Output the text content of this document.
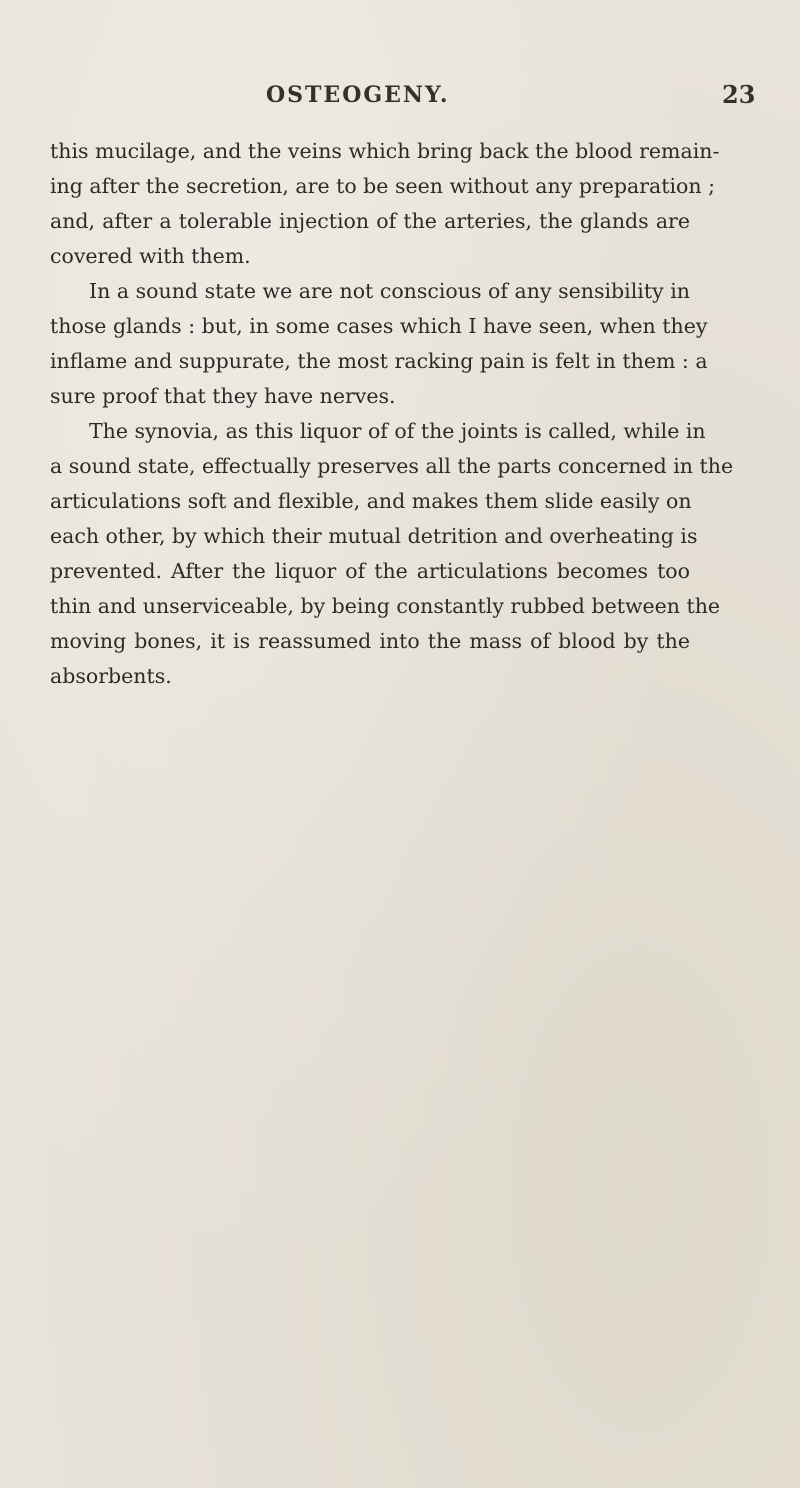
OSTEOGENY.	23
this mucilage, and the veins which bring back the blood remain-
ing after the secretion, are to be seen without any preparation ;
and, after a tolerable injection of the arteries, the glands are
covered with them.
In a sound state we are not conscious of any sensibility in
those glands : but, in some cases which I have seen, when they
inflame and suppurate, the most racking pain is felt in them : a
sure proof that they have nerves.
The synovia, as this liquor of of the joints is called, while in
a sound state, effectually preserves all the parts concerned in the
articulations soft and flexible, and makes them slide easily on
each other, by which their mutual detrition and overheating is
prevented. After the liquor of the articulations becomes too
thin and unserviceable, by being constantly rubbed between the
moving bones, it is reassumed into the mass of blood by the
absorbents.
